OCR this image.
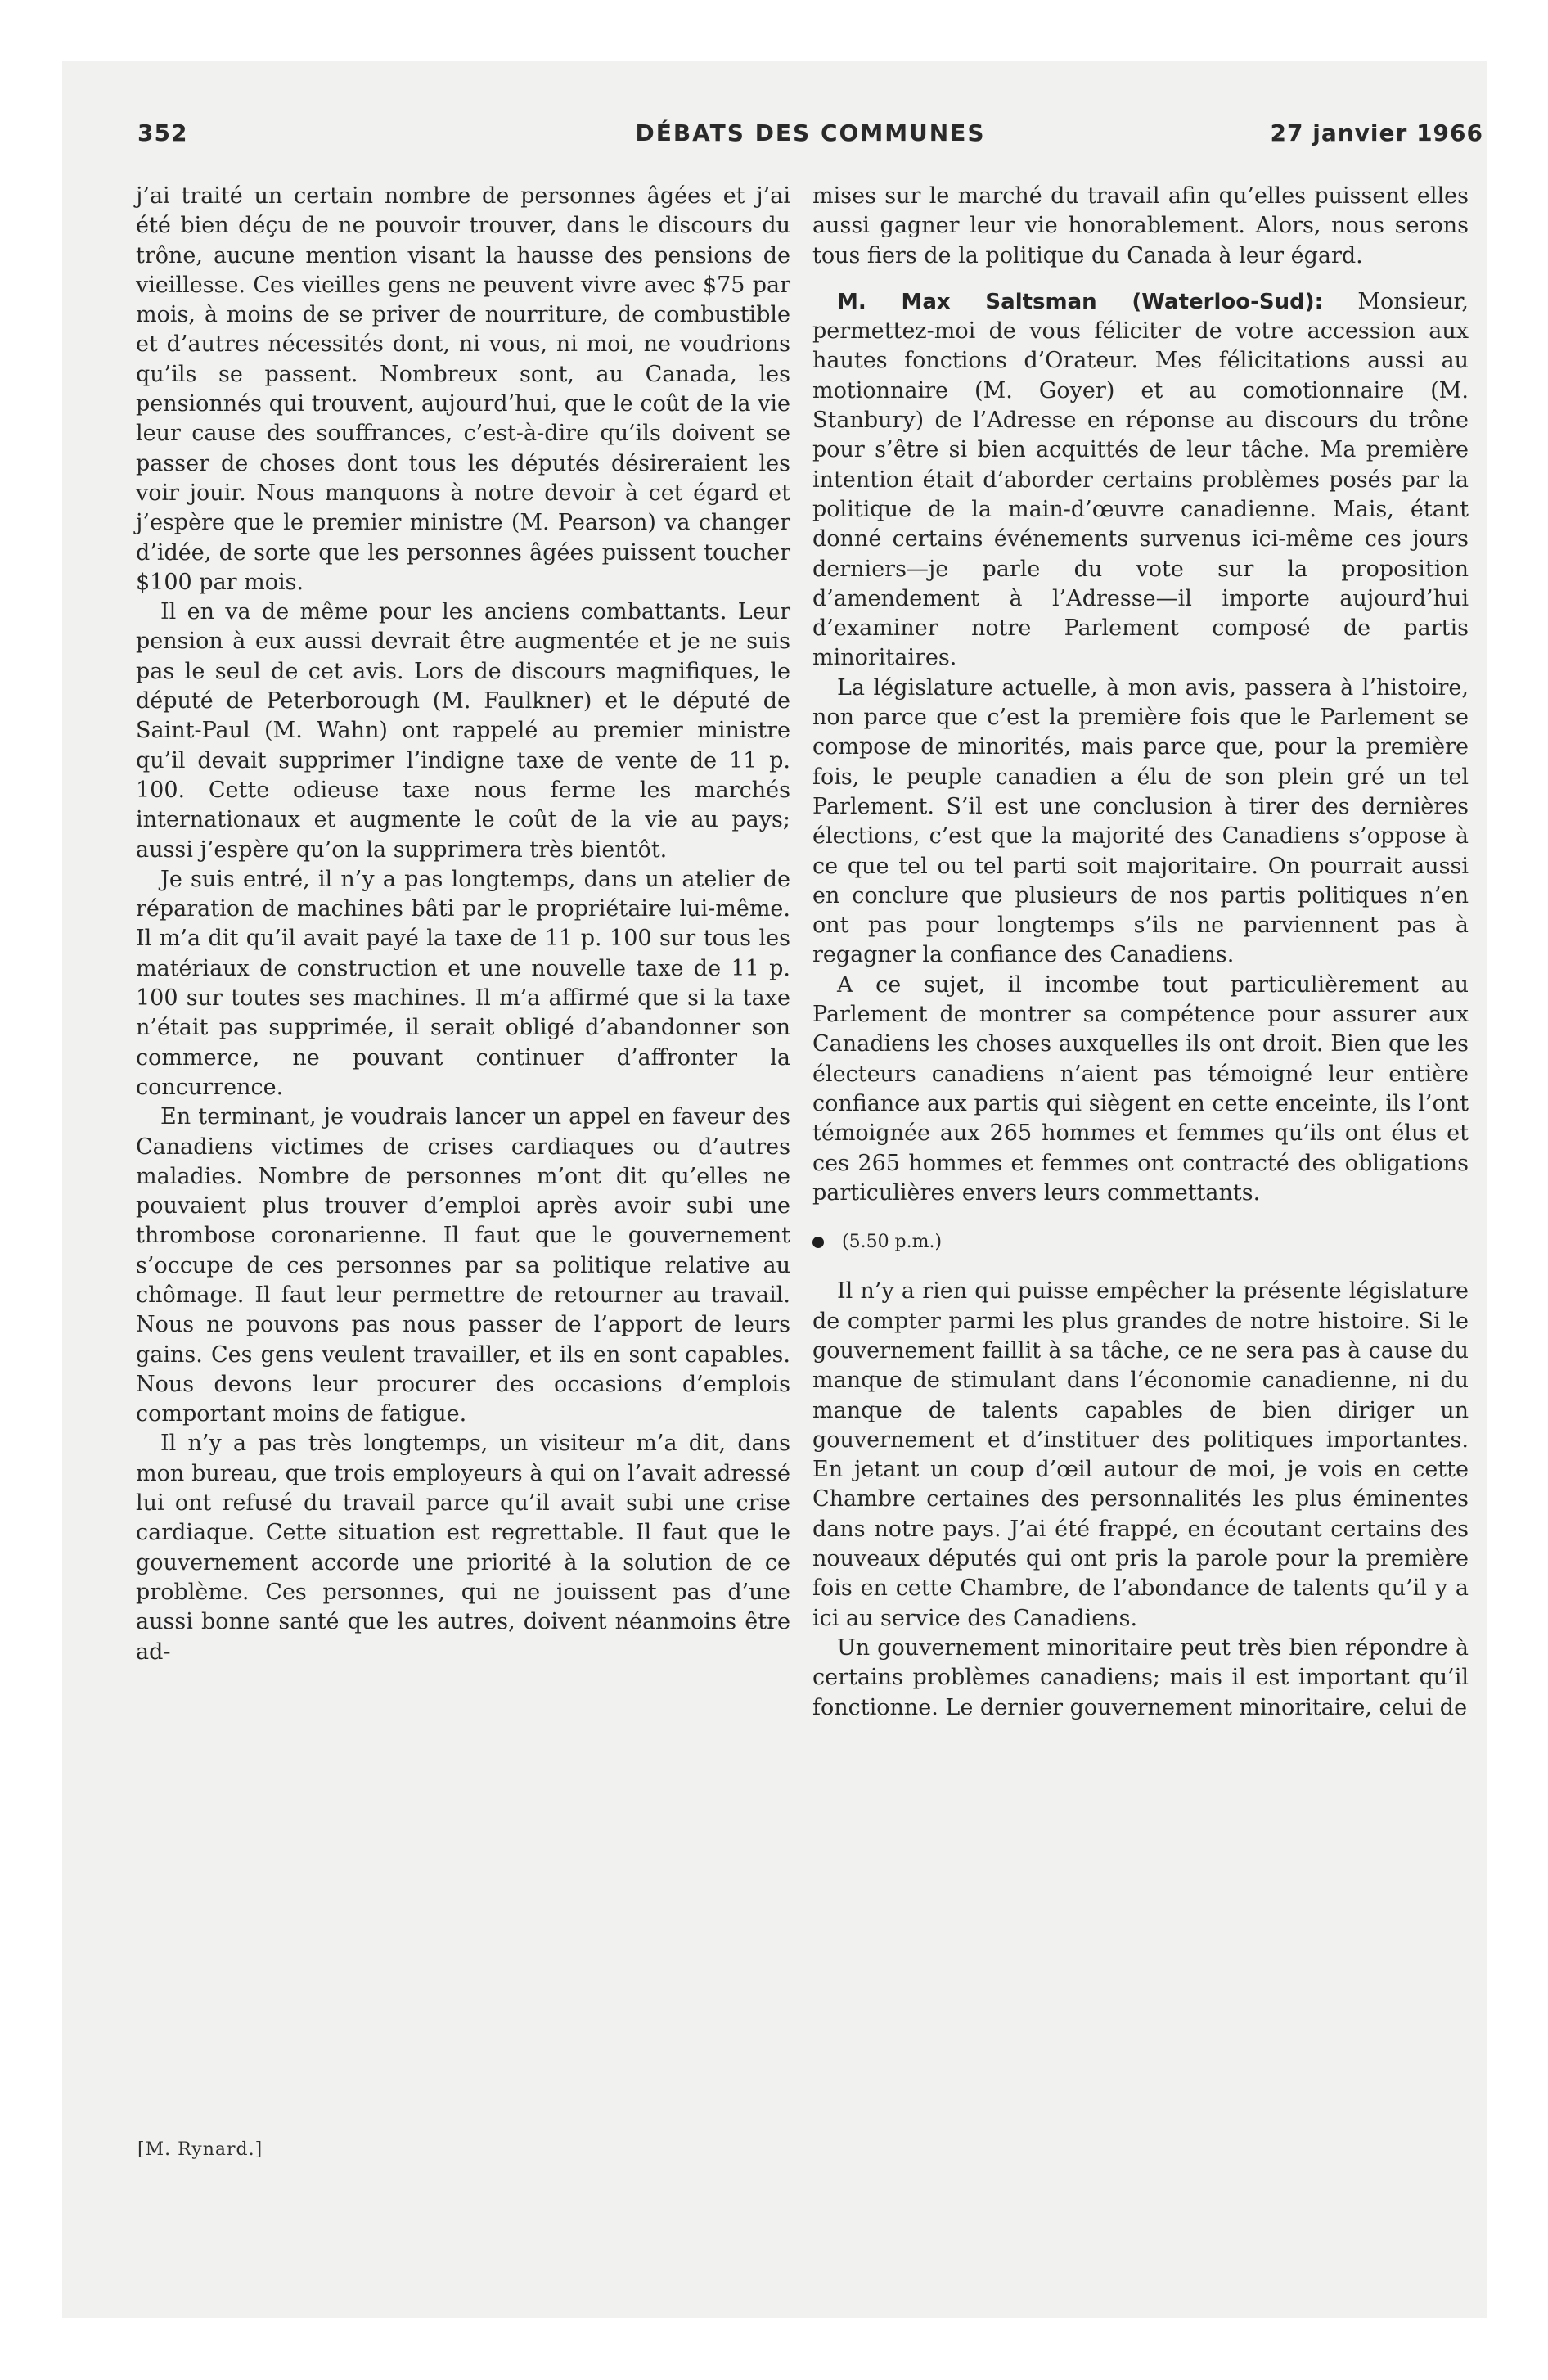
352	DÉBATS DES COMMUNES	27 janvier 1966

j’ai traité un certain nombre de personnes âgées et j’ai été bien déçu de ne pouvoir trouver, dans le discours du trône, aucune mention visant la hausse des pensions de vieillesse. Ces vieilles gens ne peuvent vivre avec $75 par mois, à moins de se priver de nourriture, de combustible et d’autres nécessités dont, ni vous, ni moi, ne voudrions qu’ils se passent. Nombreux sont, au Canada, les pensionnés qui trouvent, aujourd’hui, que le coût de la vie leur cause des souffrances, c’est-à-dire qu’ils doivent se passer de choses dont tous les députés désireraient les voir jouir. Nous manquons à notre devoir à cet égard et j’espère que le premier ministre (M. Pearson) va changer d’idée, de sorte que les personnes âgées puissent toucher $100 par mois.

Il en va de même pour les anciens combattants. Leur pension à eux aussi devrait être augmentée et je ne suis pas le seul de cet avis. Lors de discours magnifiques, le député de Peterborough (M. Faulkner) et le député de Saint-Paul (M. Wahn) ont rappelé au premier ministre qu’il devait supprimer l’indigne taxe de vente de 11 p. 100. Cette odieuse taxe nous ferme les marchés internationaux et augmente le coût de la vie au pays; aussi j’espère qu’on la supprimera très bientôt.

Je suis entré, il n’y a pas longtemps, dans un atelier de réparation de machines bâti par le propriétaire lui-même. Il m’a dit qu’il avait payé la taxe de 11 p. 100 sur tous les matériaux de construction et une nouvelle taxe de 11 p. 100 sur toutes ses machines. Il m’a affirmé que si la taxe n’était pas supprimée, il serait obligé d’abandonner son commerce, ne pouvant continuer d’affronter la concurrence.

En terminant, je voudrais lancer un appel en faveur des Canadiens victimes de crises cardiaques ou d’autres maladies. Nombre de personnes m’ont dit qu’elles ne pouvaient plus trouver d’emploi après avoir subi une thrombose coronarienne. Il faut que le gouvernement s’occupe de ces personnes par sa politique relative au chômage. Il faut leur permettre de retourner au travail. Nous ne pouvons pas nous passer de l’apport de leurs gains. Ces gens veulent travailler, et ils en sont capables. Nous devons leur procurer des occasions d’emplois comportant moins de fatigue.

Il n’y a pas très longtemps, un visiteur m’a dit, dans mon bureau, que trois employeurs à qui on l’avait adressé lui ont refusé du travail parce qu’il avait subi une crise cardiaque. Cette situation est regrettable. Il faut que le gouvernement accorde une priorité à la solution de ce problème. Ces personnes, qui ne jouissent pas d’une aussi bonne santé que les autres, doivent néanmoins être ad-

mises sur le marché du travail afin qu’elles puissent elles aussi gagner leur vie honorablement. Alors, nous serons tous fiers de la politique du Canada à leur égard.

M. Max Saltsman (Waterloo-Sud): Monsieur, permettez-moi de vous féliciter de votre accession aux hautes fonctions d’Orateur. Mes félicitations aussi au motionnaire (M. Goyer) et au comotionnaire (M. Stanbury) de l’Adresse en réponse au discours du trône pour s’être si bien acquittés de leur tâche. Ma première intention était d’aborder certains problèmes posés par la politique de la main-d’œuvre canadienne. Mais, étant donné certains événements survenus ici-même ces jours derniers—je parle du vote sur la proposition d’amendement à l’Adresse—il importe aujourd’hui d’examiner notre Parlement composé de partis minoritaires.

La législature actuelle, à mon avis, passera à l’histoire, non parce que c’est la première fois que le Parlement se compose de minorités, mais parce que, pour la première fois, le peuple canadien a élu de son plein gré un tel Parlement. S’il est une conclusion à tirer des dernières élections, c’est que la majorité des Canadiens s’oppose à ce que tel ou tel parti soit majoritaire. On pourrait aussi en conclure que plusieurs de nos partis politiques n’en ont pas pour longtemps s’ils ne parviennent pas à regagner la confiance des Canadiens.

A ce sujet, il incombe tout particulièrement au Parlement de montrer sa compétence pour assurer aux Canadiens les choses auxquelles ils ont droit. Bien que les électeurs canadiens n’aient pas témoigné leur entière confiance aux partis qui siègent en cette enceinte, ils l’ont témoignée aux 265 hommes et femmes qu’ils ont élus et ces 265 hommes et femmes ont contracté des obligations particulières envers leurs commettants.

(5.50 p.m.)

Il n’y a rien qui puisse empêcher la présente législature de compter parmi les plus grandes de notre histoire. Si le gouvernement faillit à sa tâche, ce ne sera pas à cause du manque de stimulant dans l’économie canadienne, ni du manque de talents capables de bien diriger un gouvernement et d’instituer des politiques importantes. En jetant un coup d’œil autour de moi, je vois en cette Chambre certaines des personnalités les plus éminentes dans notre pays. J’ai été frappé, en écoutant certains des nouveaux députés qui ont pris la parole pour la première fois en cette Chambre, de l’abondance de talents qu’il y a ici au service des Canadiens.

Un gouvernement minoritaire peut très bien répondre à certains problèmes canadiens; mais il est important qu’il fonctionne. Le dernier gouvernement minoritaire, celui de

[M. Rynard.]
